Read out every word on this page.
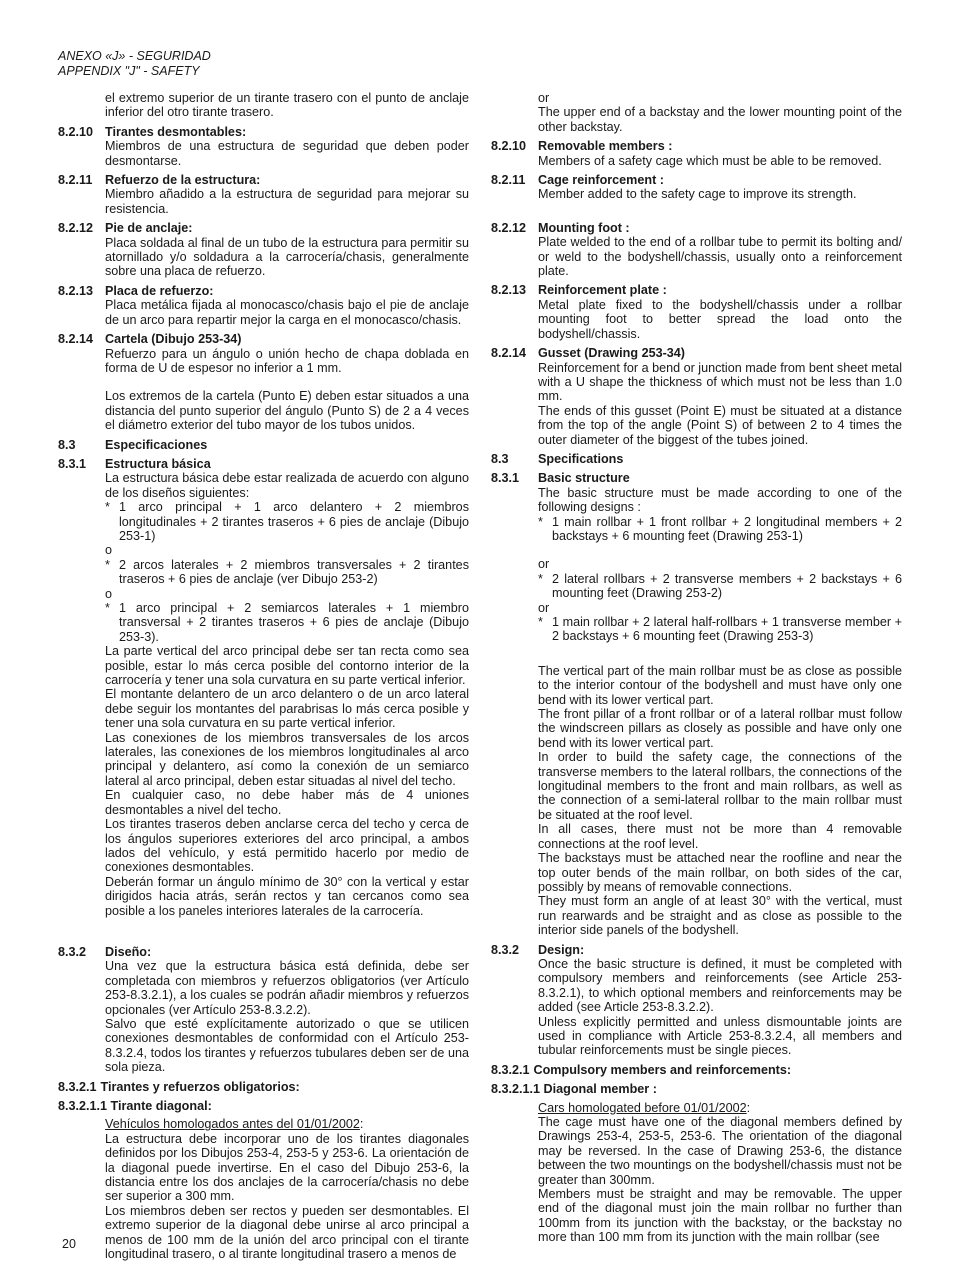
ANEXO «J» - SEGURIDAD
APPENDIX "J" - SAFETY
el extremo superior de un tirante trasero con el punto de anclaje inferior del otro tirante trasero.
8.2.10 Tirantes desmontables:
Miembros de una estructura de seguridad que deben poder desmontarse.
8.2.11	Refuerzo de la estructura:
Miembro añadido a la estructura de seguridad para mejorar su resistencia.
8.2.12 Pie de anclaje:
Placa soldada al final de un tubo de la estructura para permitir su atornillado y/o soldadura a la carrocería/chasis, generalmente sobre una placa de refuerzo.
8.2.13 Placa de refuerzo:
Placa metálica fijada al monocasco/chasis bajo el pie de anclaje de un arco para repartir mejor la carga en el monocasco/chasis.
8.2.14 Cartela (Dibujo 253-34)
Refuerzo para un ángulo o unión hecho de chapa doblada en forma de U de espesor no inferior a 1 mm.
Los extremos de la cartela (Punto E) deben estar situados a una distancia del punto superior del ángulo (Punto S) de 2 a 4 veces el diámetro exterior del tubo mayor de los tubos unidos.
8.3	Especificaciones
8.3.1	Estructura básica
La estructura básica debe estar realizada de acuerdo con alguno de los diseños siguientes:
* 1 arco principal + 1 arco delantero + 2 miembros longitudinales + 2 tirantes traseros + 6 pies de anclaje (Dibujo 253-1)
o
* 2 arcos laterales + 2 miembros transversales + 2 tirantes traseros + 6 pies de anclaje (ver Dibujo 253-2)
o
* 1 arco principal + 2 semiarcos laterales + 1 miembro transversal + 2 tirantes traseros + 6 pies de anclaje (Dibujo 253-3).
La parte vertical del arco principal debe ser tan recta como sea posible, estar lo más cerca posible del contorno interior de la carrocería y tener una sola curvatura en su parte vertical inferior.
El montante delantero de un arco delantero o de un arco lateral debe seguir los montantes del parabrisas lo más cerca posible y tener una sola curvatura en su parte vertical inferior.
Las conexiones de los miembros transversales de los arcos laterales, las conexiones de los miembros longitudinales al arco principal y delantero, así como la conexión de un semiarco lateral al arco principal, deben estar situadas al nivel del techo.
En cualquier caso, no debe haber más de 4 uniones desmontables a nivel del techo.
Los tirantes traseros deben anclarse cerca del techo y cerca de los ángulos superiores exteriores del arco principal, a ambos lados del vehículo, y está permitido hacerlo por medio de conexiones desmontables.
Deberán formar un ángulo mínimo de 30° con la vertical y estar dirigidos hacia atrás, serán rectos y tan cercanos como sea posible a los paneles interiores laterales de la carrocería.
8.3.2	Diseño:
Una vez que la estructura básica está definida, debe ser completada con miembros y refuerzos obligatorios (ver Artículo 253-8.3.2.1), a los cuales se podrán añadir miembros y refuerzos opcionales (ver Artículo 253-8.3.2.2).
Salvo que esté explícitamente autorizado o que se utilicen conexiones desmontables de conformidad con el Artículo 253-8.3.2.4, todos los tirantes y refuerzos tubulares deben ser de una sola pieza.
8.3.2.1 Tirantes y refuerzos obligatorios:
8.3.2.1.1 Tirante diagonal:
Vehículos homologados antes del 01/01/2002:
La estructura debe incorporar uno de los tirantes diagonales definidos por los Dibujos 253-4, 253-5 y 253-6. La orientación de la diagonal puede invertirse. En el caso del Dibujo 253-6, la distancia entre los dos anclajes de la carrocería/chasis no debe ser superior a 300 mm.
Los miembros deben ser rectos y pueden ser desmontables. El extremo superior de la diagonal debe unirse al arco principal a menos de 100 mm de la unión del arco principal con el tirante longitudinal trasero, o al tirante longitudinal trasero a menos de
or
The upper end of a backstay and the lower mounting point of the other backstay.
8.2.10 Removable members :
Members of a safety cage which must be able to be removed.
8.2.11	Cage reinforcement :
Member added to the safety cage to improve its strength.
8.2.12 Mounting foot :
Plate welded to the end of a rollbar tube to permit its bolting and/ or weld to the bodyshell/chassis, usually onto a reinforcement plate.
8.2.13 Reinforcement plate :
Metal plate fixed to the bodyshell/chassis under a rollbar mounting foot to better spread the load onto the bodyshell/chassis.
8.2.14 Gusset (Drawing 253-34)
Reinforcement for a bend or junction made from bent sheet metal with a U shape the thickness of which must not be less than 1.0 mm.
The ends of this gusset (Point E) must be situated at a distance from the top of the angle (Point S) of between 2 to 4 times the outer diameter of the biggest of the tubes joined.
8.3	Specifications
8.3.1	Basic structure
The basic structure must be made according to one of the following designs :
* 1 main rollbar + 1 front rollbar + 2 longitudinal members + 2 backstays + 6 mounting feet (Drawing 253-1)
or
* 2 lateral rollbars + 2 transverse members + 2 backstays + 6 mounting feet (Drawing 253-2)
or
* 1 main rollbar + 2 lateral half-rollbars + 1 transverse member + 2 backstays + 6 mounting feet (Drawing 253-3)
The vertical part of the main rollbar must be as close as possible to the interior contour of the bodyshell and must have only one bend with its lower vertical part.
The front pillar of a front rollbar or of a lateral rollbar must follow the windscreen pillars as closely as possible and have only one bend with its lower vertical part.
In order to build the safety cage, the connections of the transverse members to the lateral rollbars, the connections of the longitudinal members to the front and main rollbars, as well as the connection of a semi-lateral rollbar to the main rollbar must be situated at the roof level.
In all cases, there must not be more than 4 removable connections at the roof level.
The backstays must be attached near the roofline and near the top outer bends of the main rollbar, on both sides of the car, possibly by means of removable connections.
They must form an angle of at least 30° with the vertical, must run rearwards and be straight and as close as possible to the interior side panels of the bodyshell.
8.3.2	Design:
Once the basic structure is defined, it must be completed with compulsory members and reinforcements (see Article 253-8.3.2.1), to which optional members and reinforcements may be added (see Article 253-8.3.2.2).
Unless explicitly permitted and unless dismountable joints are used in compliance with Article 253-8.3.2.4, all members and tubular reinforcements must be single pieces.
8.3.2.1 Compulsory members and reinforcements:
8.3.2.1.1 Diagonal member :
Cars homologated before 01/01/2002:
The cage must have one of the diagonal members defined by Drawings 253-4, 253-5, 253-6. The orientation of the diagonal may be reversed. In the case of Drawing 253-6, the distance between the two mountings on the bodyshell/chassis must not be greater than 300mm.
Members must be straight and may be removable. The upper end of the diagonal must join the main rollbar no further than 100mm from its junction with the backstay, or the backstay no more than 100 mm from its junction with the main rollbar (see
20
